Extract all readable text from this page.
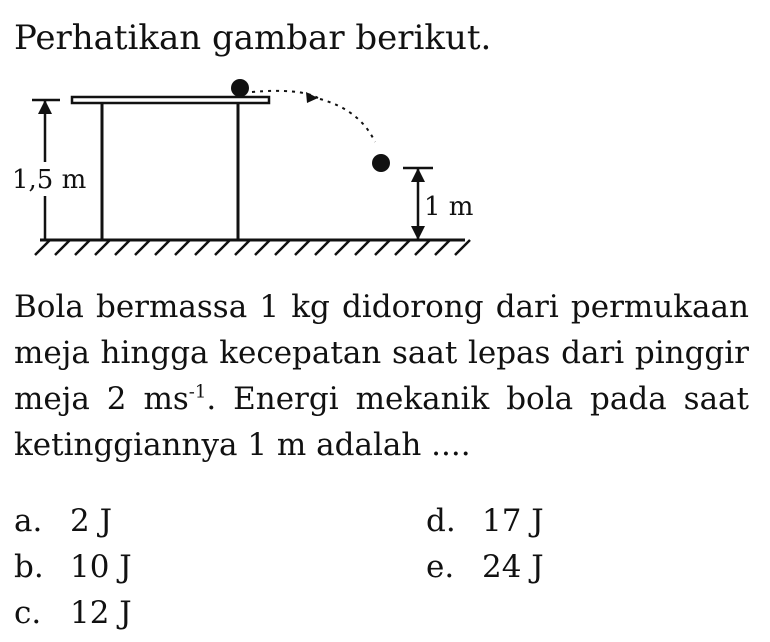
Perhatikan gambar berikut.
1,5 m
1 m
Bola bermassa 1 kg didorong dari permukaan meja hingga kecepatan saat lepas dari pinggir meja 2 $ms^{-1}$. Energi mekanik bola pada saat ketinggiannya 1 m adalah ....
a. 2 J
b. 10 J
c. 12 J
d. 17 J
e. 24 J
